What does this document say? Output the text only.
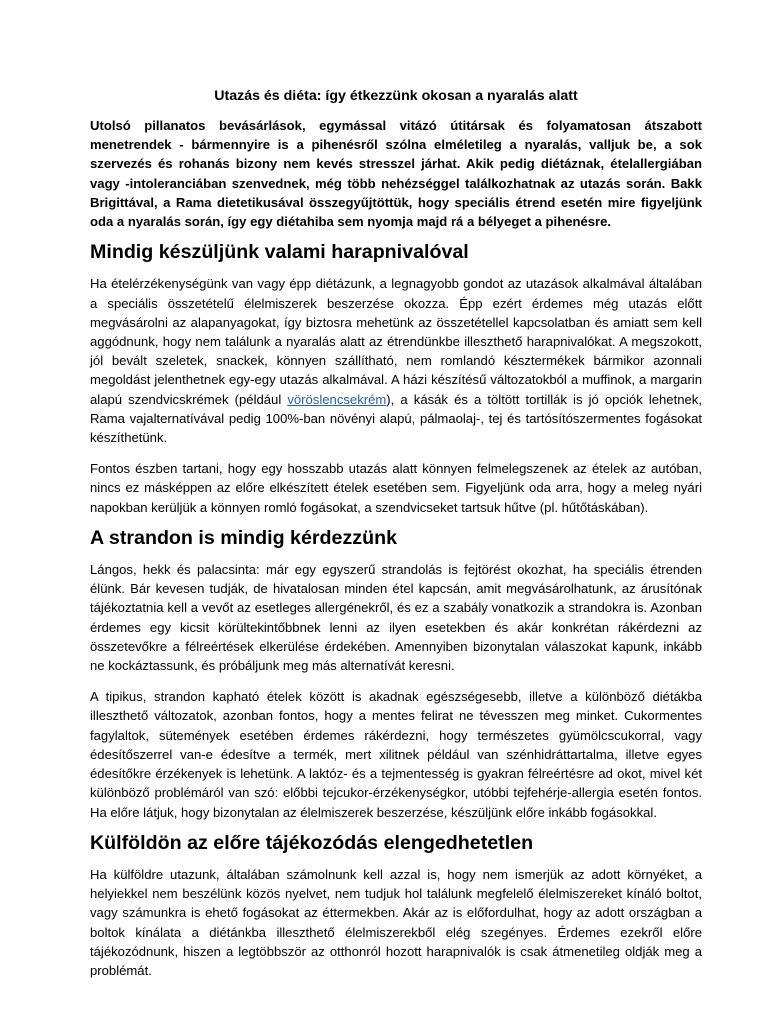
Utazás és diéta: így étkezzünk okosan a nyaralás alatt

Utolsó pillanatos bevásárlások, egymással vitázó útitársak és folyamatosan átszabott menetrendek - bármennyire is a pihenésről szólna elméletileg a nyaralás, valljuk be, a sok szervezés és rohanás bizony nem kevés stresszel járhat. Akik pedig diétáznak, ételallergiában vagy -intoleranciában szenvednek, még több nehézséggel találkozhatnak az utazás során. Bakk Brigittával, a Rama dietetikusával összegyűjtöttük, hogy speciális étrend esetén mire figyeljünk oda a nyaralás során, így egy diétahiba sem nyomja majd rá a bélyeget a pihenésre.

Mindig készüljünk valami harapnivalóval

Ha ételérzékenységünk van vagy épp diétázunk, a legnagyobb gondot az utazások alkalmával általában a speciális összetételű élelmiszerek beszerzése okozza. Épp ezért érdemes még utazás előtt megvásárolni az alapanyagokat, így biztosra mehetünk az összetétellel kapcsolatban és amiatt sem kell aggódnunk, hogy nem találunk a nyaralás alatt az étrendünkbe illeszthető harapnivalókat. A megszokott, jól bevált szeletek, snackek, könnyen szállítható, nem romlandó késztermékek bármikor azonnali megoldást jelenthetnek egy-egy utazás alkalmával. A házi készítésű változatokból a muffinok, a margarin alapú szendvicskrémek (például vöröslencsekrém), a kásák és a töltött tortillák is jó opciók lehetnek, Rama vajalternatívával pedig 100%-ban növényi alapú, pálmaolaj-, tej és tartósítószermentes fogásokat készíthetünk.

Fontos észben tartani, hogy egy hosszabb utazás alatt könnyen felmelegszenek az ételek az autóban, nincs ez másképpen az előre elkészített ételek esetében sem. Figyeljünk oda arra, hogy a meleg nyári napokban kerüljük a könnyen romló fogásokat, a szendvicseket tartsuk hűtve (pl. hűtőtáskában).

A strandon is mindig kérdezzünk

Lángos, hekk és palacsinta: már egy egyszerű strandolás is fejtörést okozhat, ha speciális étrenden élünk. Bár kevesen tudják, de hivatalosan minden étel kapcsán, amit megvásárolhatunk, az árusítónak tájékoztatnia kell a vevőt az esetleges allergénekről, és ez a szabály vonatkozik a strandokra is. Azonban érdemes egy kicsit körültekintőbbnek lenni az ilyen esetekben és akár konkrétan rákérdezni az összetevőkre a félreértések elkerülése érdekében. Amennyiben bizonytalan válaszokat kapunk, inkább ne kockáztassunk, és próbáljunk meg más alternatívát keresni.

A tipikus, strandon kapható ételek között is akadnak egészségesebb, illetve a különböző diétákba illeszthető változatok, azonban fontos, hogy a mentes felirat ne tévesszen meg minket. Cukormentes fagylaltok, sütemények esetében érdemes rákérdezni, hogy természetes gyümölcscukorral, vagy édesítőszerrel van-e édesítve a termék, mert xilitnek például van szénhidráttartalma, illetve egyes édesítőkre érzékenyek is lehetünk. A laktóz- és a tejmentesség is gyakran félreértésre ad okot, mivel két különböző problémáról van szó: előbbi tejcukor-érzékenységkor, utóbbi tejfehérje-allergia esetén fontos. Ha előre látjuk, hogy bizonytalan az élelmiszerek beszerzése, készüljünk előre inkább fogásokkal.

Külföldön az előre tájékozódás elengedhetetlen

Ha külföldre utazunk, általában számolnunk kell azzal is, hogy nem ismerjük az adott környéket, a helyiekkel nem beszélünk közös nyelvet, nem tudjuk hol találunk megfelelő élelmiszereket kínáló boltot, vagy számunkra is ehető fogásokat az éttermekben. Akár az is előfordulhat, hogy az adott országban a boltok kínálata a diétánkba illeszthető élelmiszerekből elég szegényes. Érdemes ezekről előre tájékozódnunk, hiszen a legtöbbször az otthonról hozott harapnivalók is csak átmenetileg oldják meg a problémát.
